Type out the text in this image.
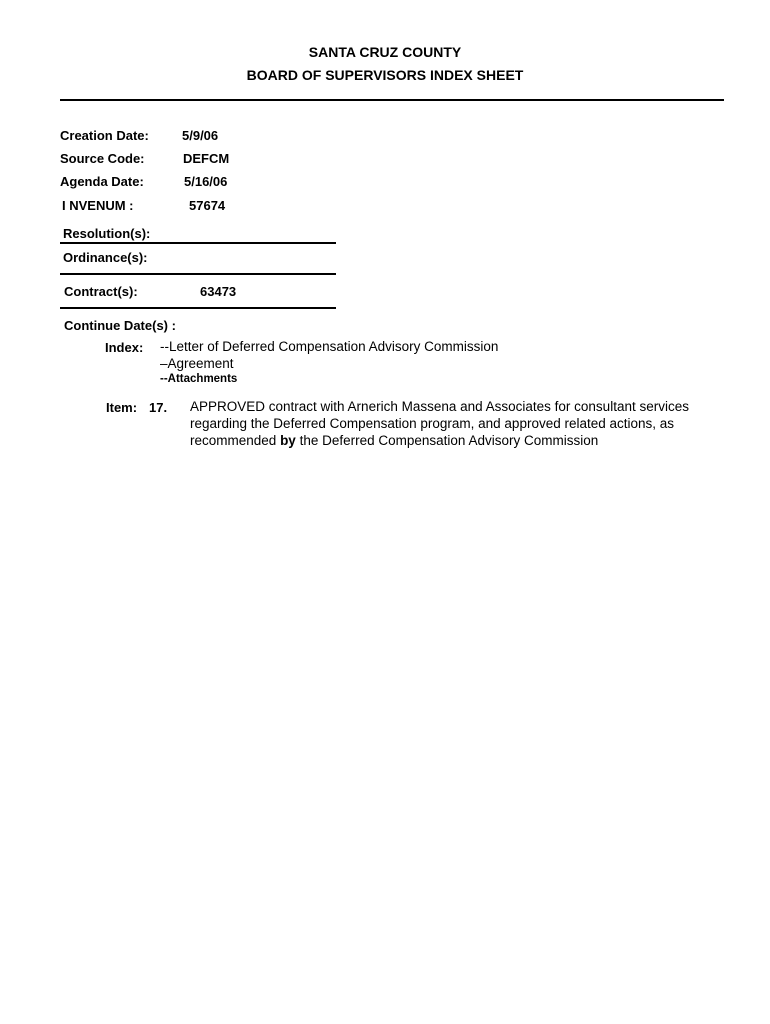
SANTA CRUZ COUNTY
BOARD OF SUPERVISORS INDEX SHEET
Creation Date:	5/9/06
Source Code:	DEFCM
Agenda Date:	5/16/06
I NVENUM :	57674
Resolution(s):
Ordinance(s):
Contract(s):	63473
Continue Date(s) :
Index: --Letter of Deferred Compensation Advisory Commission
–Agreement
--Attachments
Item: 17. APPROVED contract with Arnerich Massena and Associates for consultant services
regarding the Deferred Compensation program, and approved related actions, as
recommended by the Deferred Compensation Advisory Commission
